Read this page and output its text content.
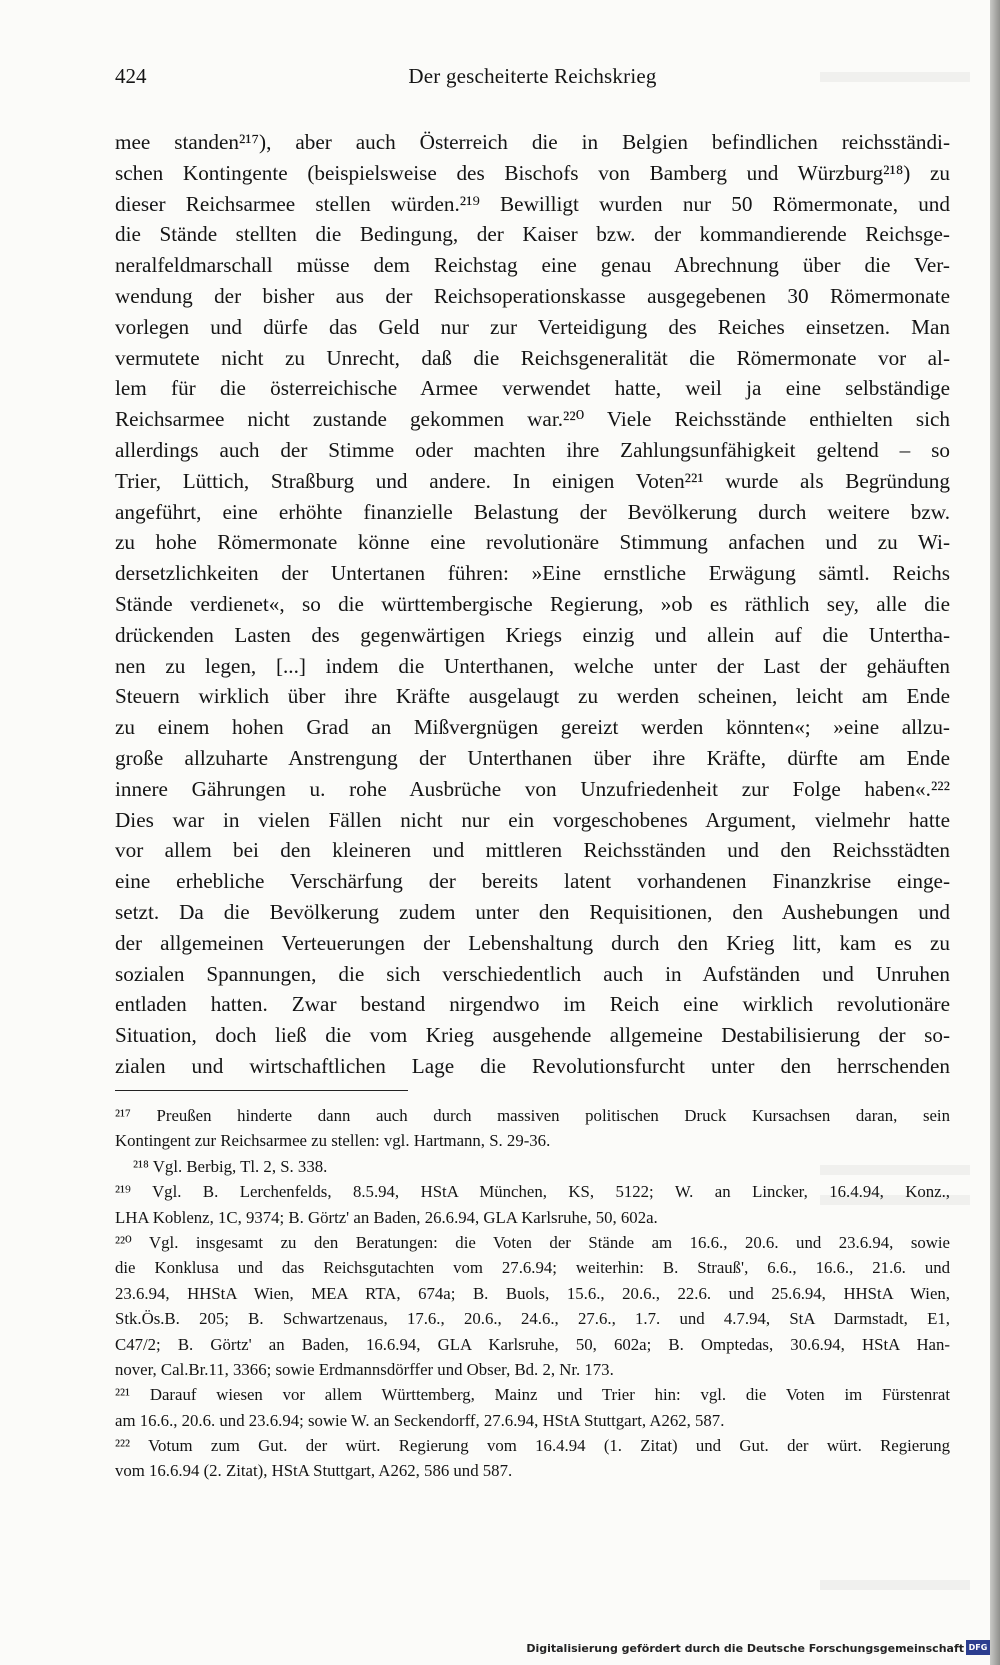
424	Der gescheiterte Reichskrieg
mee standen²¹⁷), aber auch Österreich die in Belgien befindlichen reichsständi-
schen Kontingente (beispielsweise des Bischofs von Bamberg und Würzburg²¹⁸) zu
dieser Reichsarmee stellen würden.²¹⁹ Bewilligt wurden nur 50 Römermonate, und
die Stände stellten die Bedingung, der Kaiser bzw. der kommandierende Reichsge-
neralfeldmarschall müsse dem Reichstag eine genau Abrechnung über die Ver-
wendung der bisher aus der Reichsoperationskasse ausgegebenen 30 Römermonate
vorlegen und dürfe das Geld nur zur Verteidigung des Reiches einsetzen. Man
vermutete nicht zu Unrecht, daß die Reichsgeneralität die Römermonate vor al-
lem für die österreichische Armee verwendet hatte, weil ja eine selbständige
Reichsarmee nicht zustande gekommen war.²²⁰ Viele Reichsstände enthielten sich
allerdings auch der Stimme oder machten ihre Zahlungsunfähigkeit geltend – so
Trier, Lüttich, Straßburg und andere. In einigen Voten²²¹ wurde als Begründung
angeführt, eine erhöhte finanzielle Belastung der Bevölkerung durch weitere bzw.
zu hohe Römermonate könne eine revolutionäre Stimmung anfachen und zu Wi-
dersetzlichkeiten der Untertanen führen: »Eine ernstliche Erwägung sämtl. Reichs
Stände verdienet«, so die württembergische Regierung, »ob es räthlich sey, alle die
drückenden Lasten des gegenwärtigen Kriegs einzig und allein auf die Untertha-
nen zu legen, [...] indem die Unterthanen, welche unter der Last der gehäuften
Steuern wirklich über ihre Kräfte ausgelaugt zu werden scheinen, leicht am Ende
zu einem hohen Grad an Mißvergnügen gereizt werden könnten«; »eine allzu-
große allzuharte Anstrengung der Unterthanen über ihre Kräfte, dürfte am Ende
innere Gährungen u. rohe Ausbrüche von Unzufriedenheit zur Folge haben«.²²²
Dies war in vielen Fällen nicht nur ein vorgeschobenes Argument, vielmehr hatte
vor allem bei den kleineren und mittleren Reichsständen und den Reichsstädten
eine erhebliche Verschärfung der bereits latent vorhandenen Finanzkrise einge-
setzt. Da die Bevölkerung zudem unter den Requisitionen, den Aushebungen und
der allgemeinen Verteuerungen der Lebenshaltung durch den Krieg litt, kam es zu
sozialen Spannungen, die sich verschiedentlich auch in Aufständen und Unruhen
entladen hatten. Zwar bestand nirgendwo im Reich eine wirklich revolutionäre
Situation, doch ließ die vom Krieg ausgehende allgemeine Destabilisierung der so-
zialen und wirtschaftlichen Lage die Revolutionsfurcht unter den herrschenden
²¹⁷ Preußen hinderte dann auch durch massiven politischen Druck Kursachsen daran, sein
Kontingent zur Reichsarmee zu stellen: vgl. Hartmann, S. 29-36.
²¹⁸ Vgl. Berbig, Tl. 2, S. 338.
²¹⁹ Vgl. B. Lerchenfelds, 8.5.94, HStA München, KS, 5122; W. an Lincker, 16.4.94, Konz.,
LHA Koblenz, 1C, 9374; B. Görtz' an Baden, 26.6.94, GLA Karlsruhe, 50, 602a.
²²⁰ Vgl. insgesamt zu den Beratungen: die Voten der Stände am 16.6., 20.6. und 23.6.94, sowie
die Konklusa und das Reichsgutachten vom 27.6.94; weiterhin: B. Strauß', 6.6., 16.6., 21.6. und
23.6.94, HHStA Wien, MEA RTA, 674a; B. Buols, 15.6., 20.6., 22.6. und 25.6.94, HHStA Wien,
Stk.Ös.B. 205; B. Schwartzenaus, 17.6., 20.6., 24.6., 27.6., 1.7. und 4.7.94, StA Darmstadt, E1,
C47/2; B. Görtz' an Baden, 16.6.94, GLA Karlsruhe, 50, 602a; B. Omptedas, 30.6.94, HStA Han-
nover, Cal.Br.11, 3366; sowie Erdmannsdörffer und Obser, Bd. 2, Nr. 173.
²²¹ Darauf wiesen vor allem Württemberg, Mainz und Trier hin: vgl. die Voten im Fürstenrat
am 16.6., 20.6. und 23.6.94; sowie W. an Seckendorff, 27.6.94, HStA Stuttgart, A262, 587.
²²² Votum zum Gut. der würt. Regierung vom 16.4.94 (1. Zitat) und Gut. der würt. Regierung
vom 16.6.94 (2. Zitat), HStA Stuttgart, A262, 586 und 587.
Digitalisierung gefördert durch die Deutsche Forschungsgemeinschaft DFG
